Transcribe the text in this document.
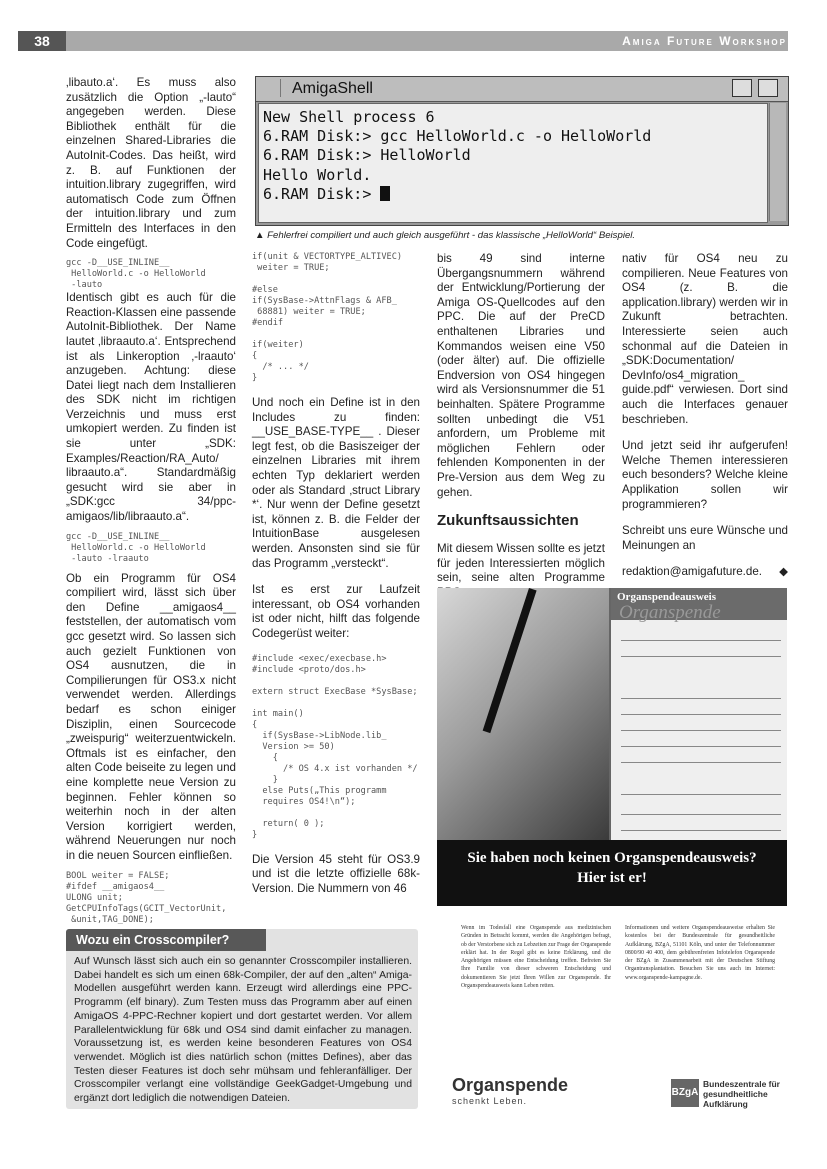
38	Amiga Future Workshop
AmigaShell
New Shell process 6
6.RAM Disk:> gcc HelloWorld.c -o HelloWorld
6.RAM Disk:> HelloWorld
Hello World.
6.RAM Disk:>
▲ Fehlerfrei compiliert und auch gleich ausgeführt - das klassische „HelloWorld“ Beispiel.

‚libauto.a‘. Es muss also zusätzlich die Option „-lauto“ angegeben werden. Diese Bibliothek enthält für die einzelnen Shared-Libraries die AutoInit-Codes. Das heißt, wird z. B. auf Funktionen der intuition.library zugegriffen, wird automatisch Code zum Öffnen der intuition.library und zum Ermitteln des Interfaces in den Code eingefügt.

gcc -D__USE_INLINE__
HelloWorld.c -o HelloWorld
-lauto

Identisch gibt es auch für die Reaction-Klassen eine passende AutoInit-Bibliothek. Der Name lautet ‚libraauto.a‘. Entsprechend ist als Linkeroption ‚-lraauto‘ anzugeben. Achtung: diese Datei liegt nach dem Installieren des SDK nicht im richtigen Verzeichnis und muss erst umkopiert werden. Zu finden ist sie unter „SDK: Examples/Reaction/RA_Auto/ libraauto.a“. Standardmäßig gesucht wird sie aber in „SDK:gcc 34/ppc-amigaos/lib/libraauto.a“.

gcc -D__USE_INLINE__
HelloWorld.c -o HelloWorld
-lauto -lraauto

Ob ein Programm für OS4 compiliert wird, lässt sich über den Define __amigaos4__ feststellen, der automatisch vom gcc gesetzt wird. So lassen sich auch gezielt Funktionen von OS4 ausnutzen, die in Compilierungen für OS3.x nicht verwendet werden. Allerdings bedarf es schon einiger Disziplin, einen Sourcecode „zweispurig“ weiterzuentwickeln. Oftmals ist es einfacher, den alten Code beiseite zu legen und eine komplette neue Version zu beginnen. Fehler können so weiterhin noch in der alten Version korrigiert werden, während Neuerungen nur noch in die neuen Sourcen einfließen.

BOOL weiter = FALSE;
#ifdef __amigaos4__
ULONG unit;
GetCPUInfoTags(GCIT_VectorUnit,
&unit,TAG_DONE);
if(unit & VECTORTYPE_ALTIVEC)
weiter = TRUE;

#else
if(SysBase->AttnFlags & AFB_
68881) weiter = TRUE;
#endif

if(weiter)
{
/* ... */
}

Und noch ein Define ist in den Includes zu finden: __USE_BASE-TYPE__ . Dieser legt fest, ob die Basiszeiger der einzelnen Libraries mit ihrem echten Typ deklariert werden oder als Standard ‚struct Library *‘. Nur wenn der Define gesetzt ist, können z. B. die Felder der IntuitionBase ausgelesen werden. Ansonsten sind sie für das Programm „versteckt“.

Ist es erst zur Laufzeit interessant, ob OS4 vorhanden ist oder nicht, hilft das folgende Codegerüst weiter:

#include <exec/execbase.h>
#include <proto/dos.h>

extern struct ExecBase *SysBase;

int main()
{
if(SysBase->LibNode.lib_
Version >= 50)
{
/* OS 4.x ist vorhanden */
}
else Puts(„This programm
requires OS4!\n“);

return( 0 );
}

Die Version 45 steht für OS3.9 und ist die letzte offizielle 68k-Version. Die Nummern von 46

bis 49 sind interne Übergangsnummern während der Entwicklung/Portierung der Amiga OS-Quellcodes auf den PPC. Die auf der PreCD enthaltenen Libraries und Kommandos weisen eine V50 (oder älter) auf. Die offizielle Endversion von OS4 hingegen wird als Versionsnummer die 51 beinhalten. Spätere Programme sollten unbedingt die V51 anfordern, um Probleme mit möglichen Fehlern oder fehlenden Komponenten in der Pre-Version aus dem Weg zu gehen.

Zukunftsaussichten

Mit diesem Wissen sollte es jetzt für jeden Interessierten möglich sein, seine alten Programme

nativ für OS4 neu zu compilieren. Neue Features von OS4 (z. B. die application.library) werden wir in Zukunft betrachten. Interessierte seien auch schonmal auf die Dateien in „SDK:Documentation/ DevInfo/os4_migration_ guide.pdf“ verwiesen. Dort sind auch die Interfaces genauer beschrieben.

Und jetzt seid ihr aufgerufen! Welche Themen interessieren euch besonders? Welche kleine Applikation sollen wir programmieren?

Schreibt uns eure Wünsche und Meinungen an

redaktion@amigafuture.de. ◆

Wozu ein Crosscompiler?
Auf Wunsch lässt sich auch ein so genannter Crosscompiler installieren. Dabei handelt es sich um einen 68k-Compiler, der auf den „alten“ Amiga-Modellen ausgeführt werden kann. Erzeugt wird allerdings eine PPC-Programm (elf binary). Zum Testen muss das Programm aber auf einen AmigaOS 4-PPC-Rechner kopiert und dort gestartet werden. Vor allem Parallelentwicklung für 68k und OS4 sind damit einfacher zu managen. Voraussetzung ist, es werden keine besonderen Features von OS4 verwendet. Möglich ist dies natürlich schon (mittes Defines), aber das Testen dieser Features ist doch sehr mühsam und fehleranfälliger. Der Crosscompiler verlangt eine vollständige GeekGadget-Umgebung und ergänzt dort lediglich die notwendigen Dateien.
Organspendeausweis
Organspende
Sie haben noch keinen Organspendeausweis?
Hier ist er!
Wenn im Todesfall eine Organspende aus medizinischen Gründen in Betracht kommt, werden die Angehörigen befragt, ob der Verstorbene sich zu Lebzeiten zur Frage der Organspende erklärt hat. In der Regel gibt es keine Erklärung, und die Angehörigen müssen eine Entscheidung treffen. Befreien Sie Ihre Familie von dieser schweren Entscheidung und dokumentieren Sie jetzt Ihren Willen zur Organspende. Ihr Organspendeausweis kann Leben retten.
Informationen und weitere Organspendeausweise erhalten Sie kostenlos bei der Bundeszentrale für gesundheitliche Aufklärung, BZgA, 51101 Köln, und unter der Telefonnummer 0800/90 40 400, dem gebührenfreien Infotelefon Organspende der BZgA in Zusammenarbeit mit der Deutschen Stiftung Organtransplantation. Besuchen Sie uns auch im Internet: www.organspende-kampagne.de.
Organspende
schenkt Leben.
BZgA
Bundeszentrale für gesundheitliche Aufklärung
